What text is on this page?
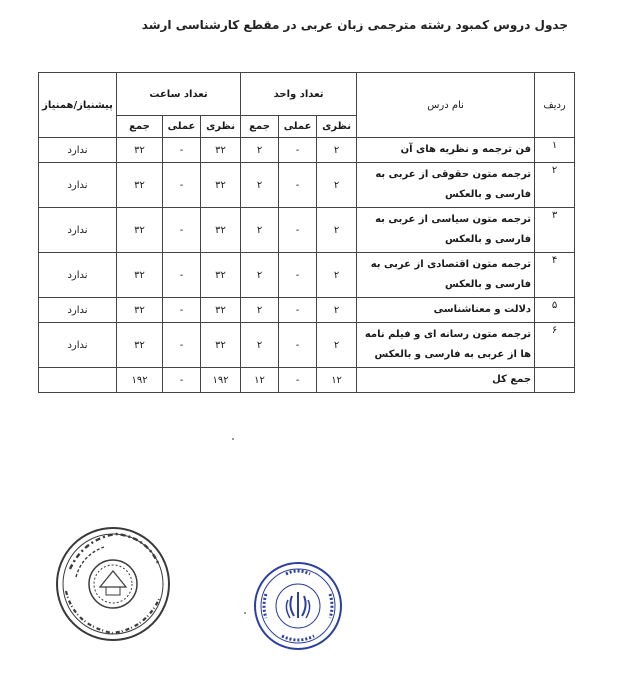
جدول دروس کمبود رشته مترجمی زبان عربی در مقطع کارشناسی ارشد
ردیف	نام درس	تعداد واحد			تعداد ساعت			پیشنیاز/همنیاز
		نظری	عملی	جمع	نظری	عملی	جمع	
۱	فن ترجمه و نظریه های آن	۲	-	۲	۳۲	-	۳۲	ندارد
۲	ترجمه متون حقوقی از عربی به فارسی و بالعکس	۲	-	۲	۳۲	-	۳۲	ندارد
۳	ترجمه متون سیاسی از عربی به فارسی و بالعکس	۲	-	۲	۳۲	-	۳۲	ندارد
۴	ترجمه متون اقتصادی از عربی به فارسی و بالعکس	۲	-	۲	۳۲	-	۳۲	ندارد
۵	دلالت و معناشناسی	۲	-	۲	۳۲	-	۳۲	ندارد
۶	ترجمه متون رسانه ای و فیلم نامه ها از عربی به فارسی و بالعکس	۲	-	۲	۳۲	-	۳۲	ندارد
	جمع کل	۱۲	-	۱۲	۱۹۲	-	۱۹۲	
